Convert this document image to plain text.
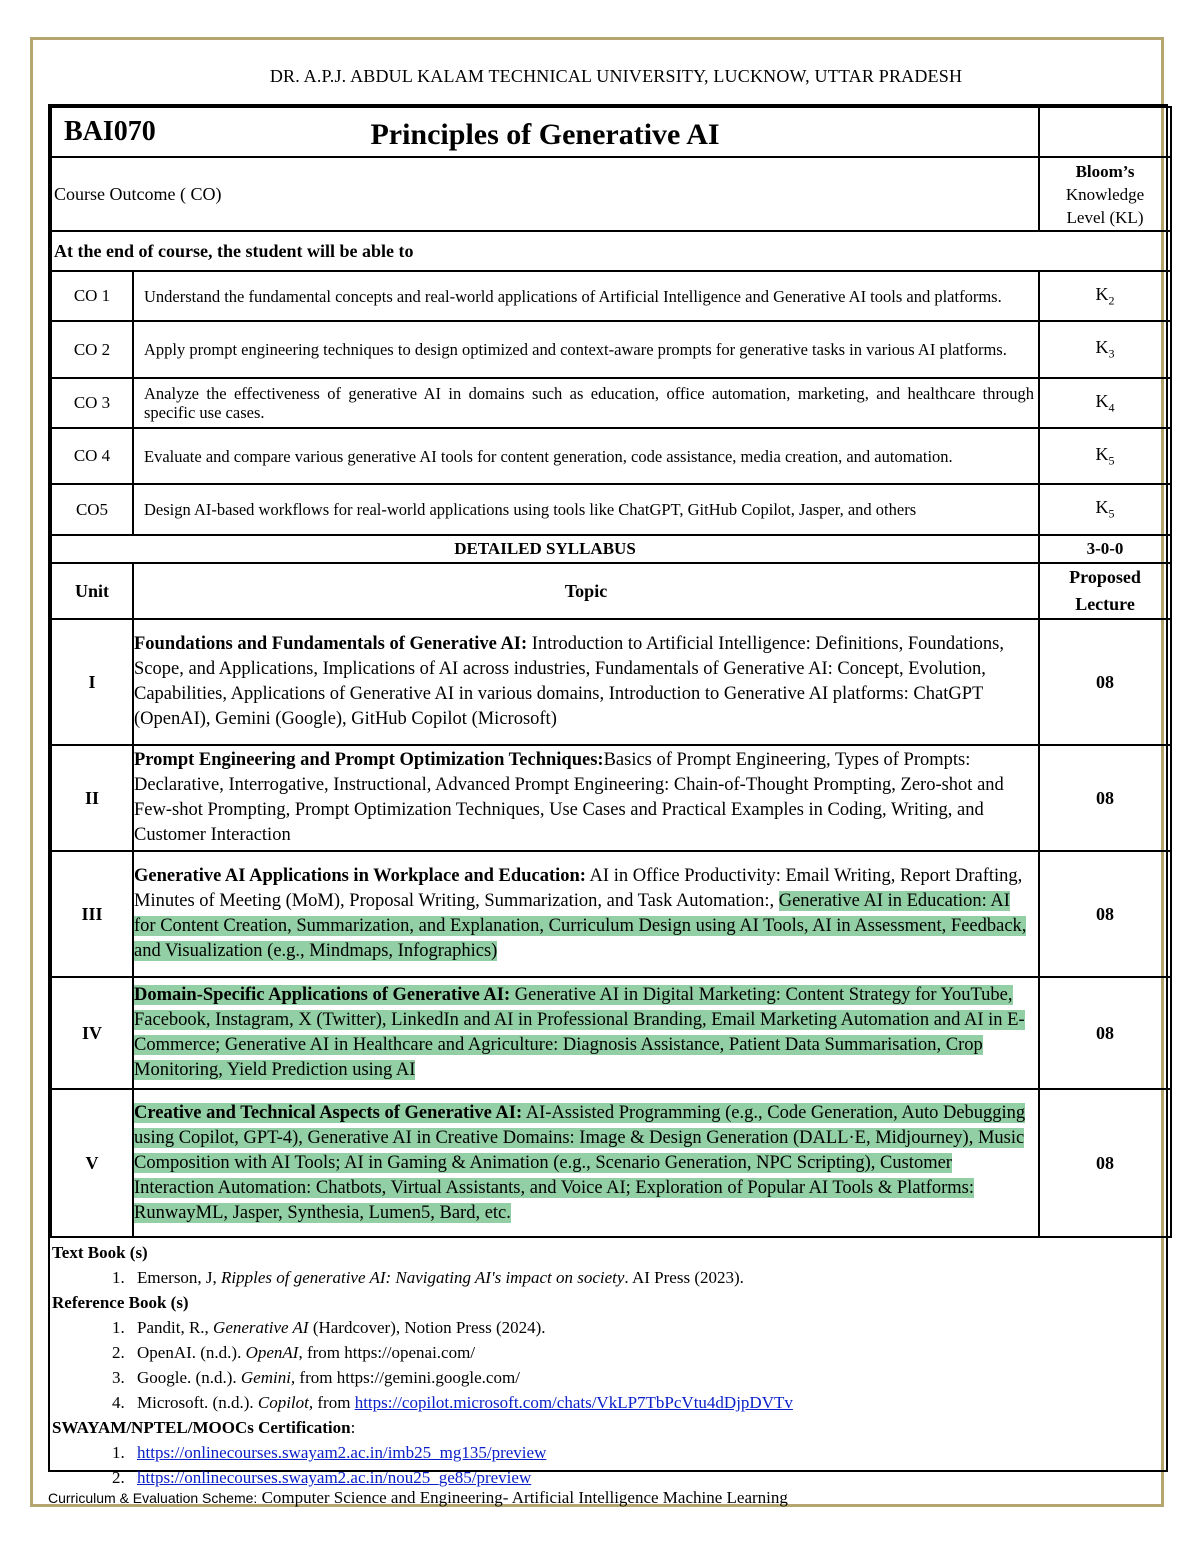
DR. A.P.J. ABDUL KALAM TECHNICAL UNIVERSITY, LUCKNOW, UTTAR PRADESH
BAI070 Principles of Generative AI		

Course Outcome ( CO)		Bloom’s
Knowledge
Level (KL)
At the end of course, the student will be able to		
CO 1	Understand the fundamental concepts and real-world applications of Artificial Intelligence and Generative AI tools and platforms.	$K_2$
CO 2	Apply prompt engineering techniques to design optimized and context-aware prompts for generative tasks in various AI platforms.	$K_3$
CO 3	Analyze the effectiveness of generative AI in domains such as education, office automation, marketing, and healthcare through specific use cases.	$K_4$
CO 4	Evaluate and compare various generative AI tools for content generation, code assistance, media creation, and automation.	$K_5$
CO5	Design AI-based workflows for real-world applications using tools like ChatGPT, GitHub Copilot, Jasper, and others	$K_5$
DETAILED SYLLABUS		3-0-0
Unit	Topic	Proposed
Lecture
I	Foundations and Fundamentals of Generative AI: Introduction to Artificial Intelligence: Definitions, Foundations, Scope, and Applications, Implications of AI across industries, Fundamentals of Generative AI: Concept, Evolution, Capabilities, Applications of Generative AI in various domains, Introduction to Generative AI platforms: ChatGPT (OpenAI), Gemini (Google), GitHub Copilot (Microsoft)	08
II	Prompt Engineering and Prompt Optimization Techniques:Basics of Prompt Engineering, Types of Prompts: Declarative, Interrogative, Instructional, Advanced Prompt Engineering: Chain-of-Thought Prompting, Zero-shot and Few-shot Prompting, Prompt Optimization Techniques, Use Cases and Practical Examples in Coding, Writing, and Customer Interaction	08
III	Generative AI Applications in Workplace and Education: AI in Office Productivity: Email Writing, Report Drafting, Minutes of Meeting (MoM), Proposal Writing, Summarization, and Task Automation:, Generative AI in Education: AI for Content Creation, Summarization, and Explanation, Curriculum Design using AI Tools, AI in Assessment, Feedback, and Visualization (e.g., Mindmaps, Infographics)	08
IV	Domain-Specific Applications of Generative AI: Generative AI in Digital Marketing: Content Strategy for YouTube, Facebook, Instagram, X (Twitter), LinkedIn and AI in Professional Branding, Email Marketing Automation and AI in E-Commerce; Generative AI in Healthcare and Agriculture: Diagnosis Assistance, Patient Data Summarisation, Crop Monitoring, Yield Prediction using AI	08
V	Creative and Technical Aspects of Generative AI: AI-Assisted Programming (e.g., Code Generation, Auto Debugging using Copilot, GPT-4), Generative AI in Creative Domains: Image & Design Generation (DALL·E, Midjourney), Music Composition with AI Tools; AI in Gaming & Animation (e.g., Scenario Generation, NPC Scripting), Customer Interaction Automation: Chatbots, Virtual Assistants, and Voice AI; Exploration of Popular AI Tools & Platforms: RunwayML, Jasper, Synthesia, Lumen5, Bard, etc.	08
Text Book (s)
1. Emerson, J, Ripples of generative AI: Navigating AI's impact on society. AI Press (2023).
Reference Book (s)
1. Pandit, R., Generative AI (Hardcover), Notion Press (2024).
2. OpenAI. (n.d.). OpenAI, from https://openai.com/
3. Google. (n.d.). Gemini, from https://gemini.google.com/
4. Microsoft. (n.d.). Copilot, from https://copilot.microsoft.com/chats/VkLP7TbPcVtu4dDjpDVTv
SWAYAM/NPTEL/MOOCs Certification:
1. https://onlinecourses.swayam2.ac.in/imb25_mg135/preview
2. https://onlinecourses.swayam2.ac.in/nou25_ge85/preview
Curriculum & Evaluation Scheme: Computer Science and Engineering- Artificial Intelligence Machine Learning
